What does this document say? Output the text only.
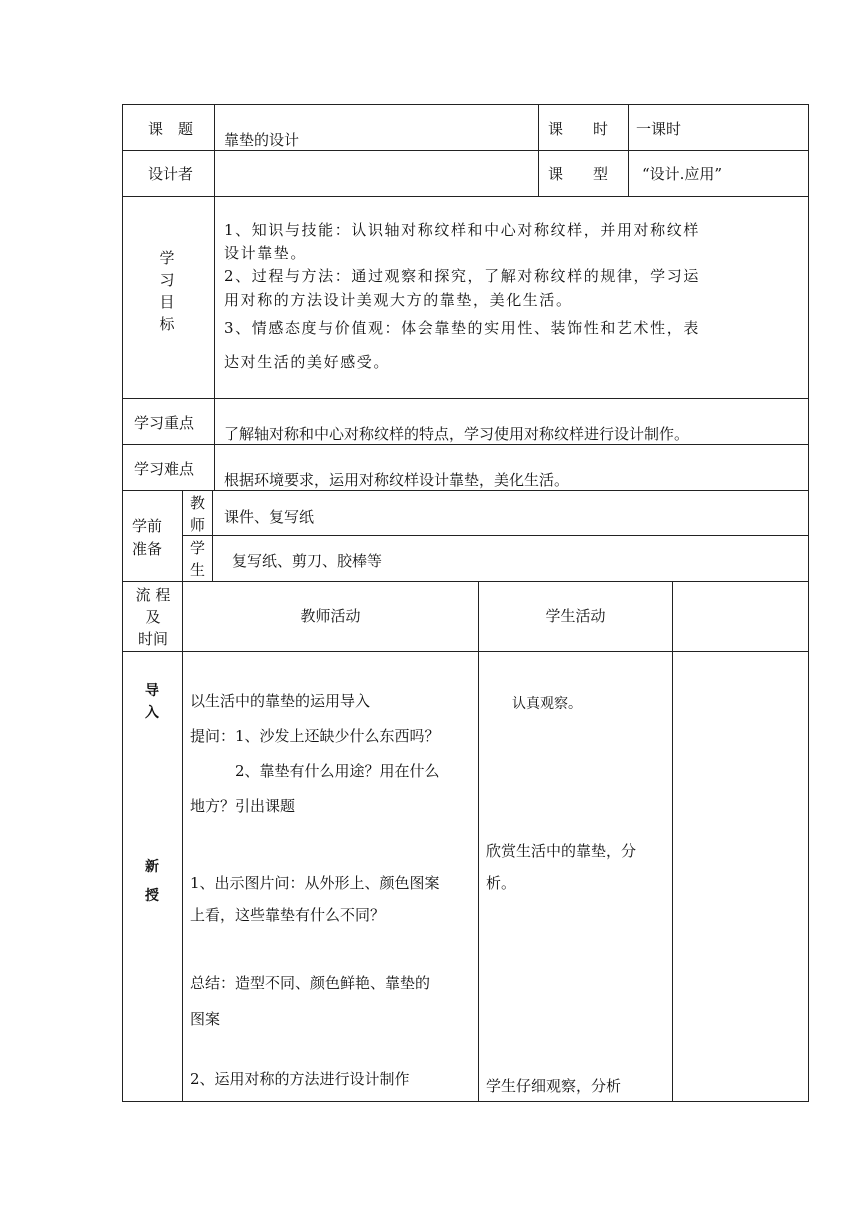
课　题
靠垫的设计
课　　时 一课时
设计者	课　　型 “设计.应用”
学
习
目
标
1、知识与技能：认识轴对称纹样和中心对称纹样，并用对称纹样
设计靠垫。
2、过程与方法：通过观察和探究，了解对称纹样的规律，学习运
用对称的方法设计美观大方的靠垫，美化生活。
3、情感态度与价值观：体会靠垫的实用性、装饰性和艺术性，表
达对生活的美好感受。
学习重点
了解轴对称和中心对称纹样的特点，学习使用对称纹样进行设计制作。
学习难点
根据环境要求，运用对称纹样设计靠垫，美化生活。
学前
准备
教
师 课件、复写纸
学
生 复写纸、剪刀、胶棒等
流 程
及
时间
教师活动	学生活动
导
入
新
授
以生活中的靠垫的运用导入
提问：1、沙发上还缺少什么东西吗？
　　　2、靠垫有什么用途？用在什么
地方？引出课题
1、出示图片问：从外形上、颜色图案
上看，这些靠垫有什么不同？
总结：造型不同、颜色鲜艳、靠垫的
图案
2、运用对称的方法进行设计制作
认真观察。
欣赏生活中的靠垫，分
析。
学生仔细观察，分析
